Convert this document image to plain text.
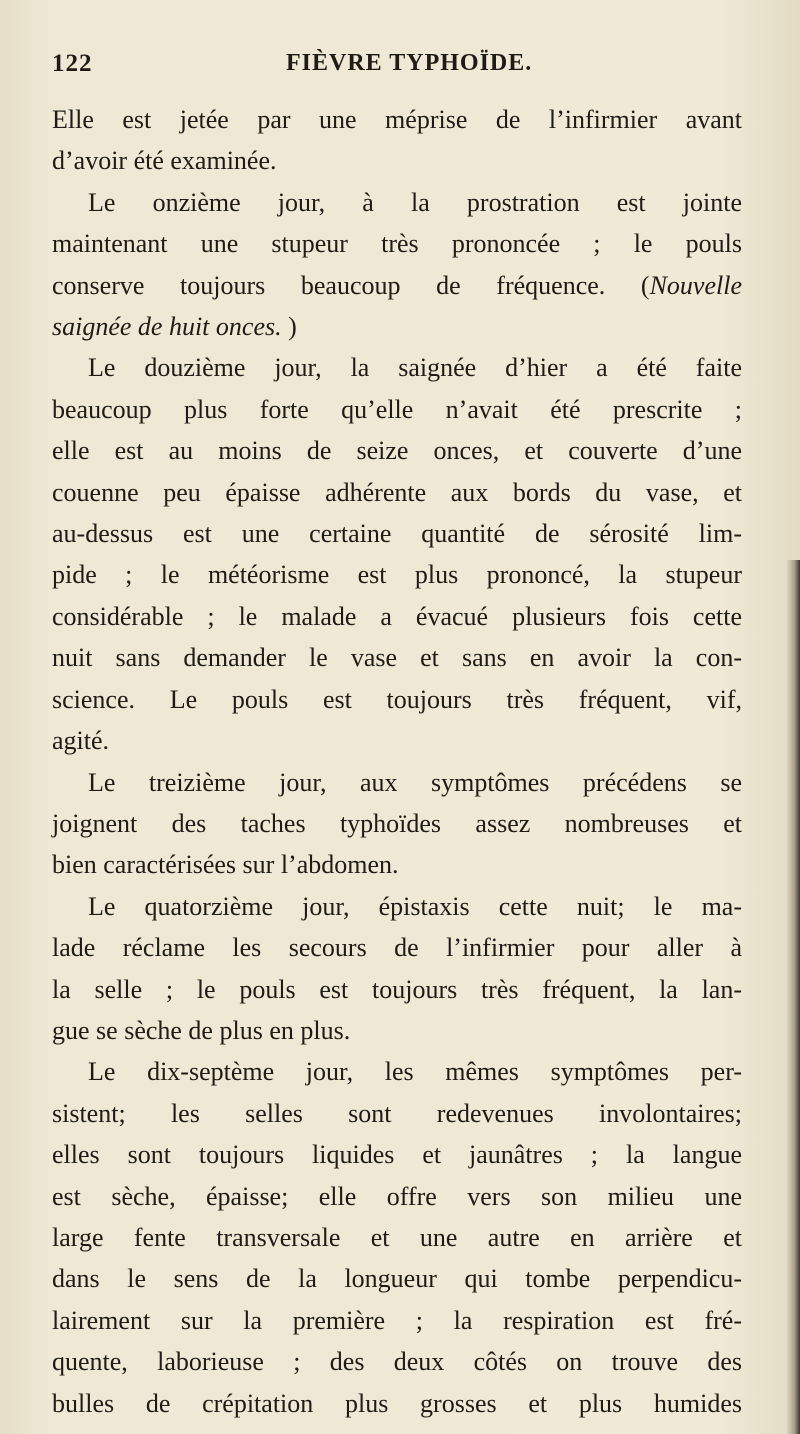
122	FIÈVRE TYPHOÏDE.
Elle est jetée par une méprise de l’infirmier avant
d’avoir été examinée.
Le onzième jour, à la prostration est jointe
maintenant une stupeur très prononcée ; le pouls
conserve toujours beaucoup de fréquence. (Nouvelle
saignée de huit onces. )
Le douzième jour, la saignée d’hier a été faite
beaucoup plus forte qu’elle n’avait été prescrite ;
elle est au moins de seize onces, et couverte d’une
couenne peu épaisse adhérente aux bords du vase, et
au-dessus est une certaine quantité de sérosité lim-
pide ; le météorisme est plus prononcé, la stupeur
considérable ; le malade a évacué plusieurs fois cette
nuit sans demander le vase et sans en avoir la con-
science. Le pouls est toujours très fréquent, vif,
agité.
Le treizième jour, aux symptômes précédens se
joignent des taches typhoïdes assez nombreuses et
bien caractérisées sur l’abdomen.
Le quatorzième jour, épistaxis cette nuit; le ma-
lade réclame les secours de l’infirmier pour aller à
la selle ; le pouls est toujours très fréquent, la lan-
gue se sèche de plus en plus.
Le dix-septème jour, les mêmes symptômes per-
sistent; les selles sont redevenues involontaires;
elles sont toujours liquides et jaunâtres ; la langue
est sèche, épaisse; elle offre vers son milieu une
large fente transversale et une autre en arrière et
dans le sens de la longueur qui tombe perpendicu-
lairement sur la première ; la respiration est fré-
quente, laborieuse ; des deux côtés on trouve des
bulles de crépitation plus grosses et plus humides
